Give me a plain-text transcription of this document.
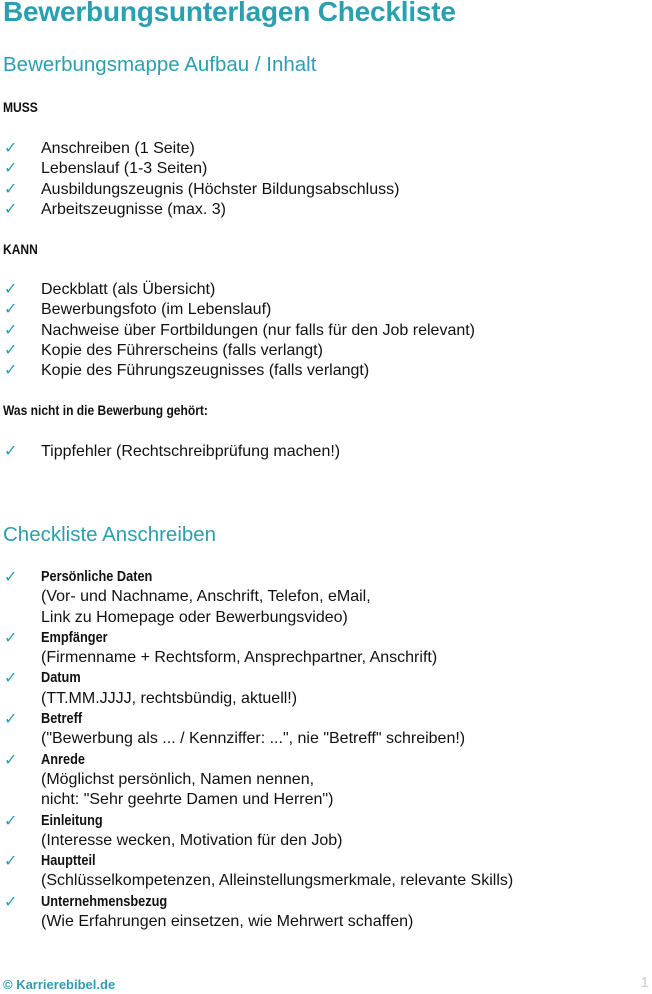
Bewerbungsunterlagen Checkliste
Bewerbungsmappe Aufbau / Inhalt
MUSS
✓ Anschreiben (1 Seite)
✓ Lebenslauf (1-3 Seiten)
✓ Ausbildungszeugnis (Höchster Bildungsabschluss)
✓ Arbeitszeugnisse (max. 3)
KANN
✓ Deckblatt (als Übersicht)
✓ Bewerbungsfoto (im Lebenslauf)
✓ Nachweise über Fortbildungen (nur falls für den Job relevant)
✓ Kopie des Führerscheins (falls verlangt)
✓ Kopie des Führungszeugnisses (falls verlangt)
Was nicht in die Bewerbung gehört:
✓ Tippfehler (Rechtschreibprüfung machen!)
Checkliste Anschreiben
✓ Persönliche Daten
(Vor- und Nachname, Anschrift, Telefon, eMail,
Link zu Homepage oder Bewerbungsvideo)
✓ Empfänger
(Firmenname + Rechtsform, Ansprechpartner, Anschrift)
✓ Datum
(TT.MM.JJJJ, rechtsbündig, aktuell!)
✓ Betreff
("Bewerbung als ... / Kennziffer: ...", nie "Betreff" schreiben!)
✓ Anrede
(Möglichst persönlich, Namen nennen,
nicht: "Sehr geehrte Damen und Herren")
✓ Einleitung
(Interesse wecken, Motivation für den Job)
✓ Hauptteil
(Schlüsselkompetenzen, Alleinstellungsmerkmale, relevante Skills)
✓ Unternehmensbezug
(Wie Erfahrungen einsetzen, wie Mehrwert schaffen)
© Karrierebibel.de	1
